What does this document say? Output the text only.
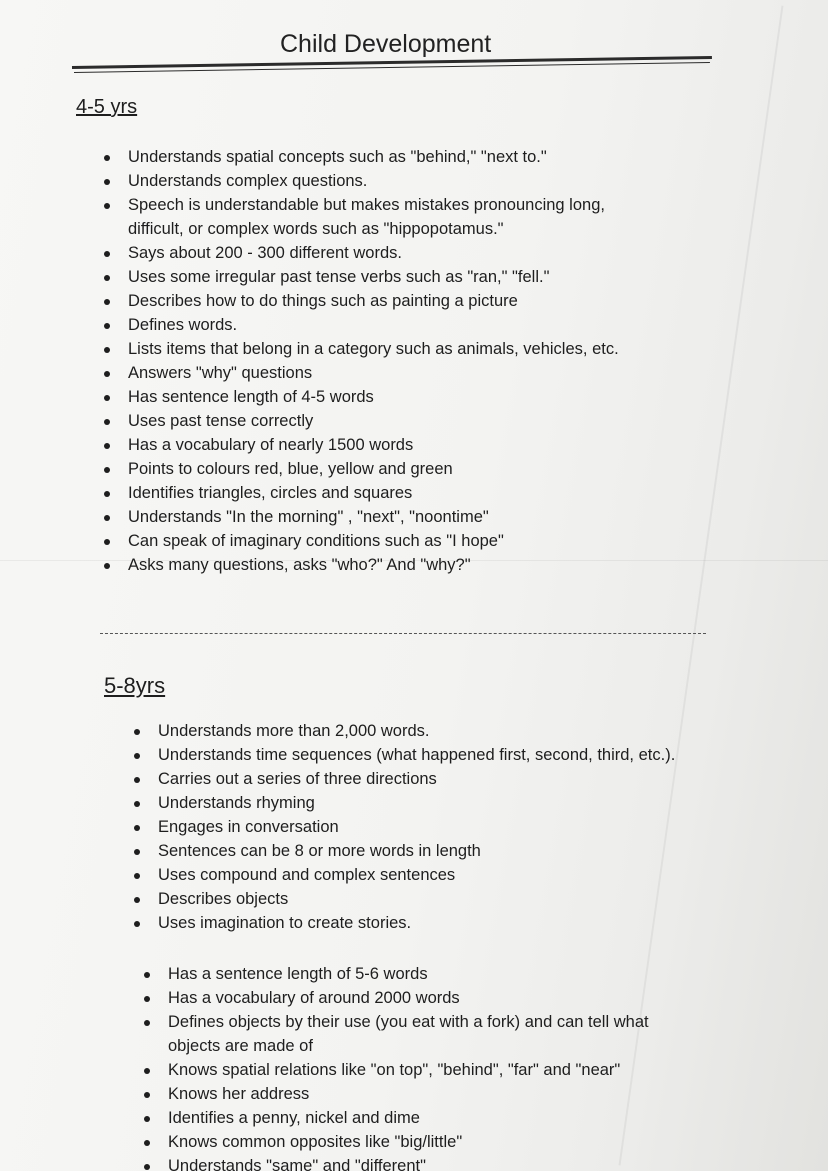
Child Development
4-5 yrs
Understands spatial concepts such as "behind," "next to."
Understands complex questions.
Speech is understandable but makes mistakes pronouncing long,
difficult, or complex words such as "hippopotamus."
Says about 200 - 300 different words.
Uses some irregular past tense verbs such as "ran," "fell."
Describes how to do things such as painting a picture
Defines words.
Lists items that belong in a category such as animals, vehicles, etc.
Answers "why" questions
Has sentence length of 4-5 words
Uses past tense correctly
Has a vocabulary of nearly 1500 words
Points to colours red, blue, yellow and green
Identifies triangles, circles and squares
Understands "In the morning" , "next", "noontime"
Can speak of imaginary conditions such as "I hope"
Asks many questions, asks "who?" And "why?"
5-8yrs
Understands more than 2,000 words.
Understands time sequences (what happened first, second, third, etc.).
Carries out a series of three directions
Understands rhyming
Engages in conversation
Sentences can be 8 or more words in length
Uses compound and complex sentences
Describes objects
Uses imagination to create stories.
Has a sentence length of 5-6 words
Has a vocabulary of around 2000 words
Defines objects by their use (you eat with a fork) and can tell what
objects are made of
Knows spatial relations like "on top", "behind", "far" and "near"
Knows her address
Identifies a penny, nickel and dime
Knows common opposites like "big/little"
Understands "same" and "different"
